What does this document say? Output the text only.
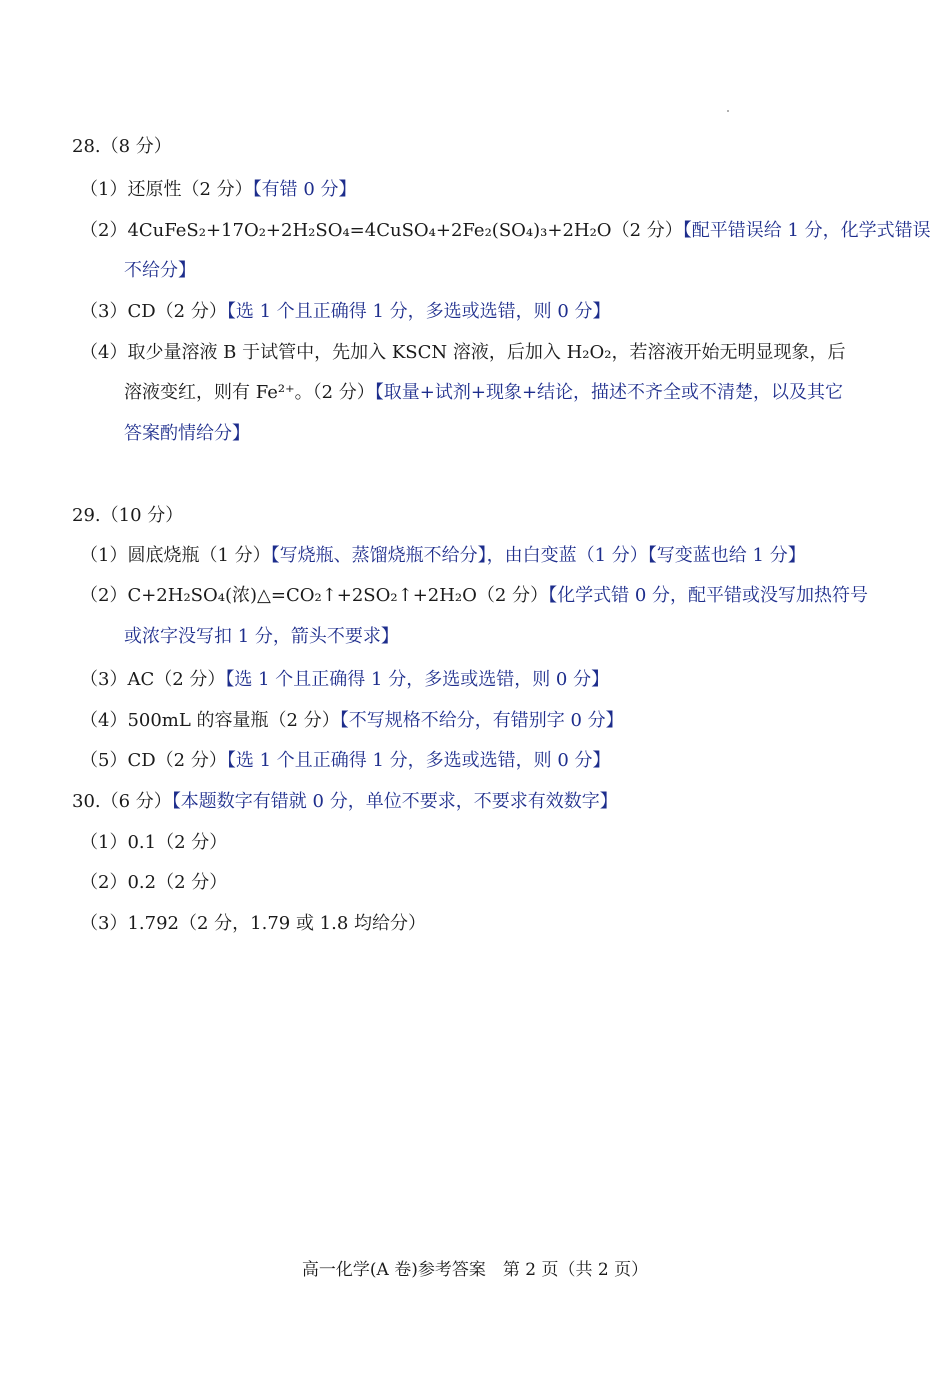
28.（8 分）
（1）还原性（2 分）【有错 0 分】
（2）4CuFeS₂+17O₂+2H₂SO₄=4CuSO₄+2Fe₂(SO₄)₃+2H₂O（2 分）【配平错误给 1 分，化学式错误
不给分】
（3）CD（2 分）【选 1 个且正确得 1 分，多选或选错，则 0 分】
（4）取少量溶液 B 于试管中，先加入 KSCN 溶液，后加入 H₂O₂，若溶液开始无明显现象，后
溶液变红，则有 Fe²⁺。（2 分）【取量+试剂+现象+结论，描述不齐全或不清楚，以及其它
答案酌情给分】
29.（10 分）
（1）圆底烧瓶（1 分）【写烧瓶、蒸馏烧瓶不给分】，由白变蓝（1 分）【写变蓝也给 1 分】
（2）C+2H₂SO₄(浓)△=CO₂↑+2SO₂↑+2H₂O（2 分）【化学式错 0 分，配平错或没写加热符号
或浓字没写扣 1 分，箭头不要求】
（3）AC（2 分）【选 1 个且正确得 1 分，多选或选错，则 0 分】
（4）500mL 的容量瓶（2 分）【不写规格不给分，有错别字 0 分】
（5）CD（2 分）【选 1 个且正确得 1 分，多选或选错，则 0 分】
30.（6 分）【本题数字有错就 0 分，单位不要求，不要求有效数字】
（1）0.1（2 分）
（2）0.2（2 分）
（3）1.792（2 分，1.79 或 1.8 均给分）
高一化学(A 卷)参考答案　第 2 页（共 2 页）
